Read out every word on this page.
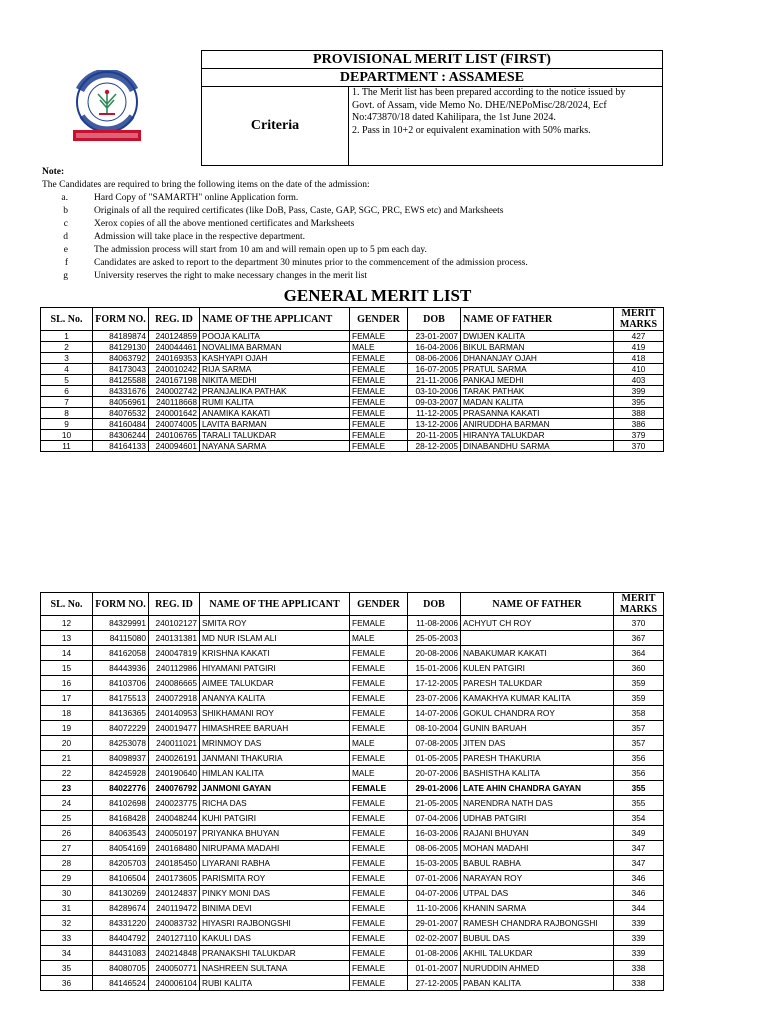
PROVISIONAL MERIT LIST (FIRST)
DEPARTMENT : ASSAMESE
Criteria	
1. The Merit list has been prepared according to the notice issued by
Govt. of Assam, vide Memo No. DHE/NEPoMisc/28/2024, Ecf
No:473870/18 dated Kahilipara, the 1st June 2024.
2. Pass in 10+2 or equivalent examination with 50% marks.
Note:
The Candidates are required to bring the following items on the date of the admission:
a.	Hard Copy of "SAMARTH" online Application form.
b	Originals of all the required certificates (like DoB, Pass, Caste, GAP, SGC, PRC, EWS etc) and Marksheets
c	Xerox copies of all the above mentioned certificates and Marksheets
d	Admission will take place in the respective department.
e	The admission process will start from 10 am and will remain open up to 5 pm each day.
f	Candidates are asked to report to the department 30 minutes prior to the commencement of the admission process.
g	University reserves the right to make necessary changes in the merit list
GENERAL MERIT LIST
SL. No.	FORM NO.	REG. ID	NAME OF THE APPLICANT	GENDER	DOB	NAME OF FATHER	MERIT MARKS
1	84189874	240124859	POOJA KALITA	FEMALE	23-01-2007	DWIJEN KALITA	427
2	84129130	240044461	NOVALIMA BARMAN	MALE	16-04-2006	BIKUL BARMAN	419
3	84063792	240169353	KASHYAPI OJAH	FEMALE	08-06-2006	DHANANJAY OJAH	418
4	84173043	240010242	RIJA SARMA	FEMALE	16-07-2005	PRATUL SARMA	410
5	84125588	240167198	NIKITA MEDHI	FEMALE	21-11-2006	PANKAJ MEDHI	403
6	84331676	240002742	PRANJALIKA PATHAK	FEMALE	03-10-2006	TARAK PATHAK	399
7	84056961	240118668	RUMI KALITA	FEMALE	09-03-2007	MADAN KALITA	395
8	84076532	240001642	ANAMIKA KAKATI	FEMALE	11-12-2005	PRASANNA KAKATI	388
9	84160484	240074005	LAVITA BARMAN	FEMALE	13-12-2006	ANIRUDDHA BARMAN	386
10	84306244	240106765	TARALI TALUKDAR	FEMALE	20-11-2005	HIRANYA TALUKDAR	379
11	84164133	240094601	NAYANA SARMA	FEMALE	28-12-2005	DINABANDHU SARMA	370
SL. No.	FORM NO.	REG. ID	NAME OF THE APPLICANT	GENDER	DOB	NAME OF FATHER	MERIT MARKS
12	84329991	240102127	SMITA ROY	FEMALE	11-08-2006	ACHYUT CH ROY	370
13	84115080	240131381	MD NUR ISLAM ALI	MALE	25-05-2003		367
14	84162058	240047819	KRISHNA KAKATI	FEMALE	20-08-2006	NABAKUMAR KAKATI	364
15	84443936	240112986	HIYAMANI PATGIRI	FEMALE	15-01-2006	KULEN PATGIRI	360
16	84103706	240086665	AIMEE TALUKDAR	FEMALE	17-12-2005	PARESH TALUKDAR	359
17	84175513	240072918	ANANYA KALITA	FEMALE	23-07-2006	KAMAKHYA KUMAR KALITA	359
18	84136365	240140953	SHIKHAMANI ROY	FEMALE	14-07-2006	GOKUL CHANDRA ROY	358
19	84072229	240019477	HIMASHREE BARUAH	FEMALE	08-10-2004	GUNIN BARUAH	357
20	84253078	240011021	MRINMOY DAS	MALE	07-08-2005	JITEN DAS	357
21	84098937	240026191	JANMANI THAKURIA	FEMALE	01-05-2005	PARESH THAKURIA	356
22	84245928	240190640	HIMLAN KALITA	MALE	20-07-2006	BASHISTHA KALITA	356
23	84022776	240076792	JANMONI GAYAN	FEMALE	29-01-2006	LATE AHIN CHANDRA GAYAN	355
24	84102698	240023775	RICHA DAS	FEMALE	21-05-2005	NARENDRA NATH DAS	355
25	84168428	240048244	KUHI PATGIRI	FEMALE	07-04-2006	UDHAB PATGIRI	354
26	84063543	240050197	PRIYANKA BHUYAN	FEMALE	16-03-2006	RAJANI BHUYAN	349
27	84054169	240168480	NIRUPAMA MADAHI	FEMALE	08-06-2005	MOHAN MADAHI	347
28	84205703	240185450	LIYARANI RABHA	FEMALE	15-03-2005	BABUL RABHA	347
29	84106504	240173605	PARISMITA ROY	FEMALE	07-01-2006	NARAYAN ROY	346
30	84130269	240124837	PINKY MONI DAS	FEMALE	04-07-2006	UTPAL DAS	346
31	84289674	240119472	BINIMA DEVI	FEMALE	11-10-2006	KHANIN SARMA	344
32	84331220	240083732	HIYASRI RAJBONGSHI	FEMALE	29-01-2007	RAMESH CHANDRA RAJBONGSHI	339
33	84404792	240127110	KAKULI DAS	FEMALE	02-02-2007	BUBUL DAS	339
34	84431083	240214848	PRANAKSHI TALUKDAR	FEMALE	01-08-2006	AKHIL TALUKDAR	339
35	84080705	240050771	NASHREEN SULTANA	FEMALE	01-01-2007	NURUDDIN AHMED	338
36	84146524	240006104	RUBI KALITA	FEMALE	27-12-2005	PABAN KALITA	338
